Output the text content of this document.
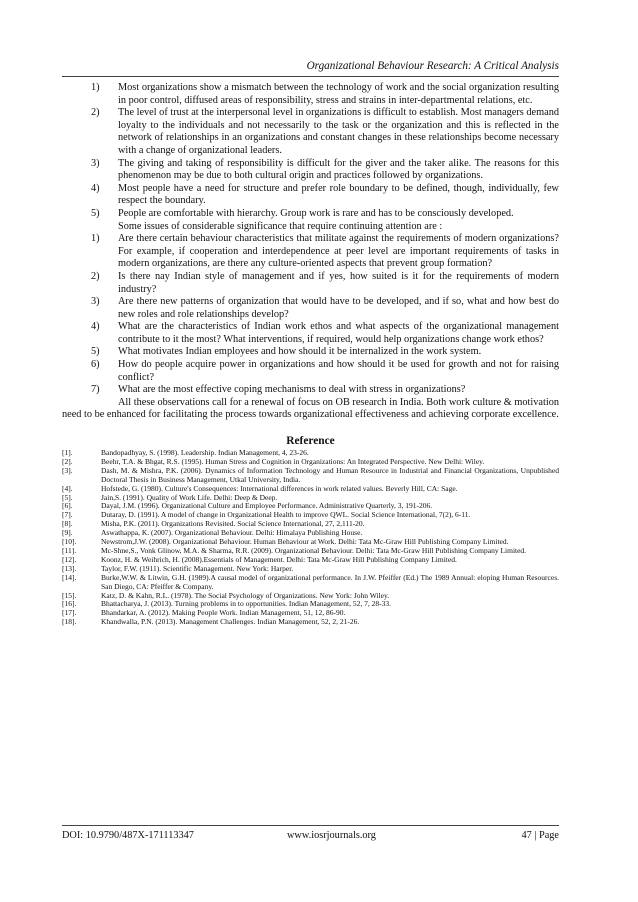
Organizational Behaviour Research: A Critical Analysis
1)	Most organizations show a mismatch between the technology of work and the social organization resulting in poor control, diffused areas of responsibility, stress and strains in inter-departmental relations, etc.
2)	The level of trust at the interpersonal level in organizations is difficult to establish. Most managers demand loyalty to the individuals and not necessarily to the task or the organization and this is reflected in the network of relationships in an organizations and constant changes in these relationships become necessary with a change of organizational leaders.
3)	The giving and taking of responsibility is difficult for the giver and the taker alike. The reasons for this phenomenon may be due to both cultural origin and practices followed by organizations.
4)	Most people have a need for structure and prefer role boundary to be defined, though, individually, few respect the boundary.
5)	People are comfortable with hierarchy. Group work is rare and has to be consciously developed.
Some issues of considerable significance that require continuing attention are :
1)	Are there certain behaviour characteristics that militate against the requirements of modern organizations? For example, if cooperation and interdependence at peer level are important requirements of tasks in modern organizations, are there any culture-oriented aspects that prevent group formation?
2)	Is there nay Indian style of management and if yes, how suited is it for the requirements of modern industry?
3)	Are there new patterns of organization that would have to be developed, and if so, what and how best do new roles and role relationships develop?
4)	What are the characteristics of Indian work ethos and what aspects of the organizational management contribute to it the most? What interventions, if required, would help organizations change work ethos?
5)	What motivates Indian employees and how should it be internalized in the work system.
6)	How do people acquire power in organizations and how should it be used for growth and not for raising conflict?
7)	What are the most effective coping mechanisms to deal with stress in organizations?
All these observations call for a renewal of focus on OB research in India. Both work culture & motivation need to be enhanced for facilitating the process towards organizational effectiveness and achieving corporate excellence.
Reference
[1].	Bandopadhyay, S. (1998). Leadership. Indian Management, 4, 23-26.
[2].	Beehr, T.A. & Bhgat, R.S. (1995). Human Stress and Cognition in Organizations: An Integrated Perspective. New Delhi: Wiley.
[3].	Dash, M. & Mishra, P.K. (2006). Dynamics of Information Technology and Human Resource in Industrial and Financial Organizations, Unpublished Doctoral Thesis in Business Management, Utkal University, India.
[4].	Hofstede, G. (1980). Culture's Consequences: International differences in work related values. Beverly Hill, CA: Sage.
[5].	Jain,S. (1991). Quality of Work Life. Delhi: Deep & Deep.
[6].	Dayal, J.M. (1996). Organizational Culture and Employee Performance. Administrative Quarterly, 3, 191-206.
[7].	Dutaray, D. (1991). A model of change in Organizational Health to improve QWL. Social Science International, 7(2), 6-11.
[8].	Misha, P.K. (2011). Organizations Revisited. Social Science International, 27, 2,111-20.
[9].	Aswathappa, K. (2007). Organizational Behaviour. Delhi: Himalaya Publishing House.
[10].	Newstrom,J.W. (2008). Organizational Behaviour. Human Behaviour at Work. Delhi: Tata Mc-Graw Hill Publishing Company Limited.
[11].	Mc-Shne,S., Vonk Glinow, M.A. & Sharma, R.R. (2009). Organizational Behaviour. Delhi: Tata Mc-Graw Hill Publishing Company Limited.
[12].	Koonz, H. & Weihrich, H. (2008).Essentials of Management. Delhi: Tata Mc-Graw Hill Publishing Company Limited.
[13].	Taylor, F.W. (1911). Scientific Management. New York: Harper.
[14].	Burke,W.W. & Litwin, G.H. (1989).A causal model of organizational performance. In J.W. Pfeiffer (Ed.) The 1989 Annual: eloping Human Resources. San Diego, CA: Pfeiffer & Company.
[15].	Katz, D. & Kahn, R.L. (1978). The Social Psychology of Organizations. New York: John Wiley.
[16].	Bhattacharya, J. (2013). Turning problems in to opportunities. Indian Management, 52, 7, 28-33.
[17].	Bhandarkar, A. (2012). Making People Work. Indian Management, 51, 12, 86-90.
[18].	Khandwalla, P.N. (2013). Management Challenges. Indian Management, 52, 2, 21-26.
DOI: 10.9790/487X-171113347	www.iosrjournals.org	47 | Page
